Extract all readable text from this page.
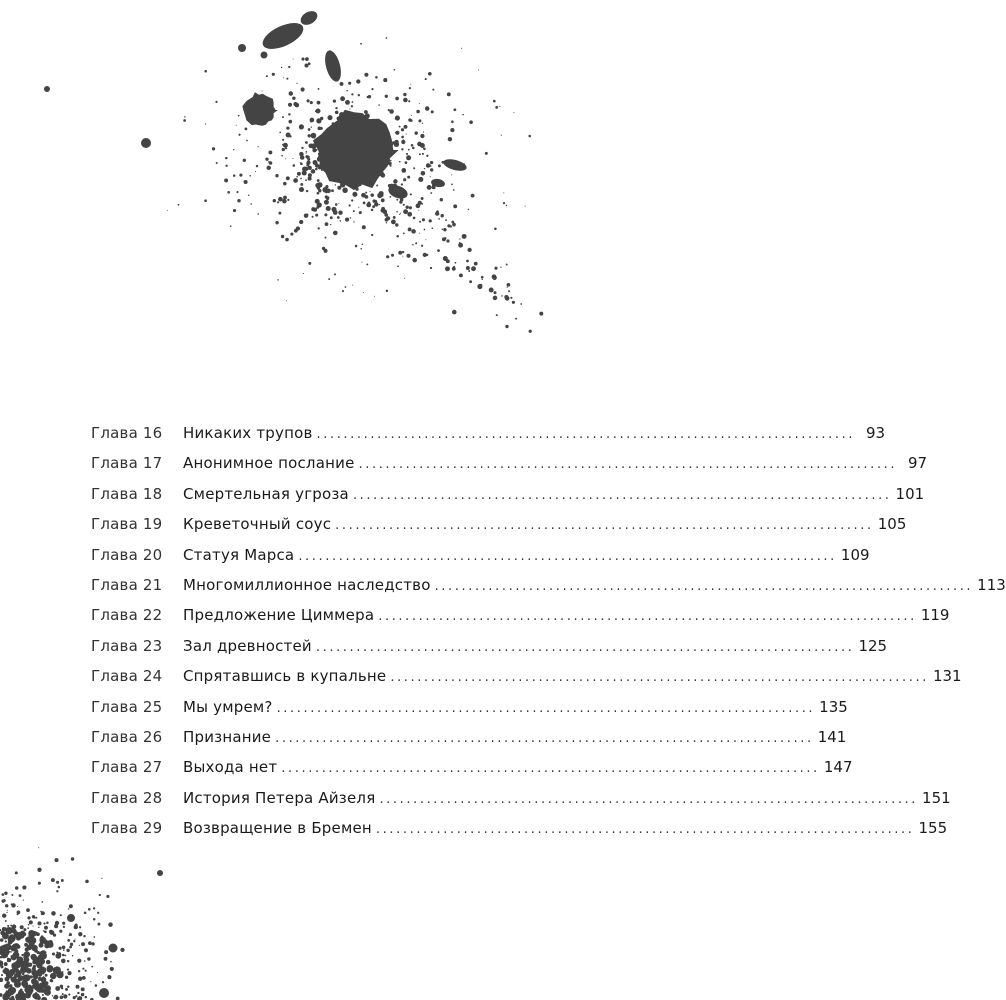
Глава 16	Никаких трупов ................................................................................ 93
Глава 17	Анонимное послание ................................................................................ 97
Глава 18	Смертельная угроза ................................................................................ 101
Глава 19	Креветочный соус ................................................................................ 105
Глава 20	Статуя Марса ................................................................................ 109
Глава 21	Многомиллионное наследство ................................................................................ 113
Глава 22	Предложение Циммера ................................................................................ 119
Глава 23	Зал древностей ................................................................................ 125
Глава 24	Спрятавшись в купальне ................................................................................ 131
Глава 25	Мы умрем? ................................................................................ 135
Глава 26	Признание ................................................................................ 141
Глава 27	Выхода нет ................................................................................ 147
Глава 28	История Петера Айзеля ................................................................................ 151
Глава 29	Возвращение в Бремен ................................................................................ 155
